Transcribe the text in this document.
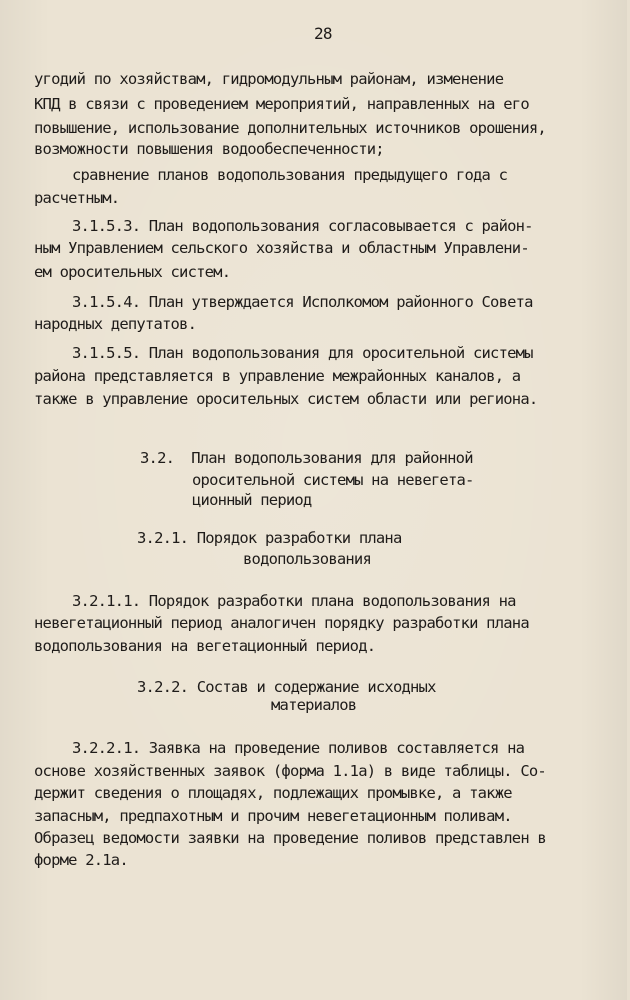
28
угодий по хозяйствам, гидромодульным районам, изменение
КПД в связи с проведением мероприятий, направленных на его
повышение, использование дополнительных источников орошения,
возможности повышения водообеспеченности;
сравнение планов водопользования предыдущего года с
расчетным.
3.1.5.3. План водопользования согласовывается с район-
ным Управлением сельского хозяйства и областным Управлени-
ем оросительных систем.
3.1.5.4. План утверждается Исполкомом районного Совета
народных депутатов.
3.1.5.5. План водопользования для оросительной системы
района представляется в управление межрайонных каналов, а
также в управление оросительных систем области или региона.
3.2.  План водопользования для районной
оросительной системы на невегета-
ционный период
3.2.1. Порядок разработки плана
водопользования
3.2.1.1. Порядок разработки плана водопользования на
невегетационный период аналогичен порядку разработки плана
водопользования на вегетационный период.
3.2.2. Состав и содержание исходных
материалов
3.2.2.1. Заявка на проведение поливов составляется на
основе хозяйственных заявок (форма 1.1а) в виде таблицы. Со-
держит сведения о площадях, подлежащих промывке, а также
запасным, предпахотным и прочим невегетационным поливам.
Образец ведомости заявки на проведение поливов представлен в
форме 2.1а.
